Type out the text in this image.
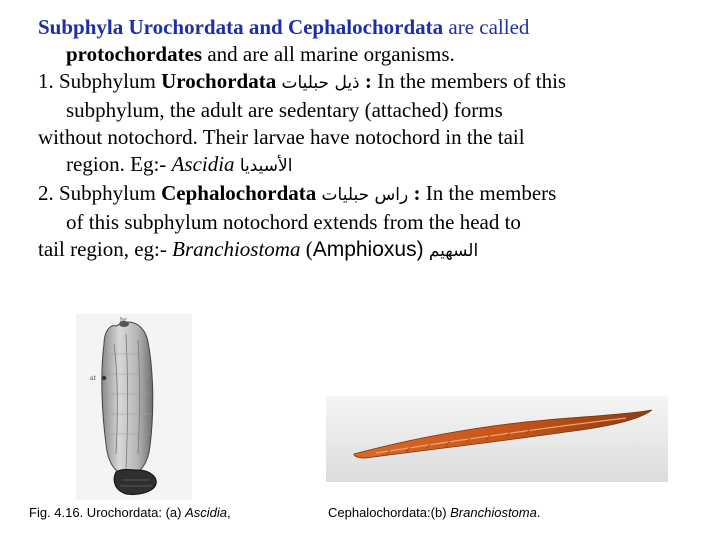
Subphyla Urochordata and Cephalochordata are called
protochordates and are all marine organisms.
1. Subphylum Urochordata ذيل حبليات : In the members of this
subphylum, the adult are sedentary (attached) forms
without notochord. Their larvae have notochord in the tail
region. Eg:- Ascidia الأسيديا
2. Subphylum Cephalochordata راس حبليات : In the members
of this subphylum notochord extends from the head to
tail region, eg:- Branchiostoma (Amphioxus) السهيم
br
at
Fig. 4.16. Urochordata: (a) Ascidia,	Cephalochordata:(b) Branchiostoma.
